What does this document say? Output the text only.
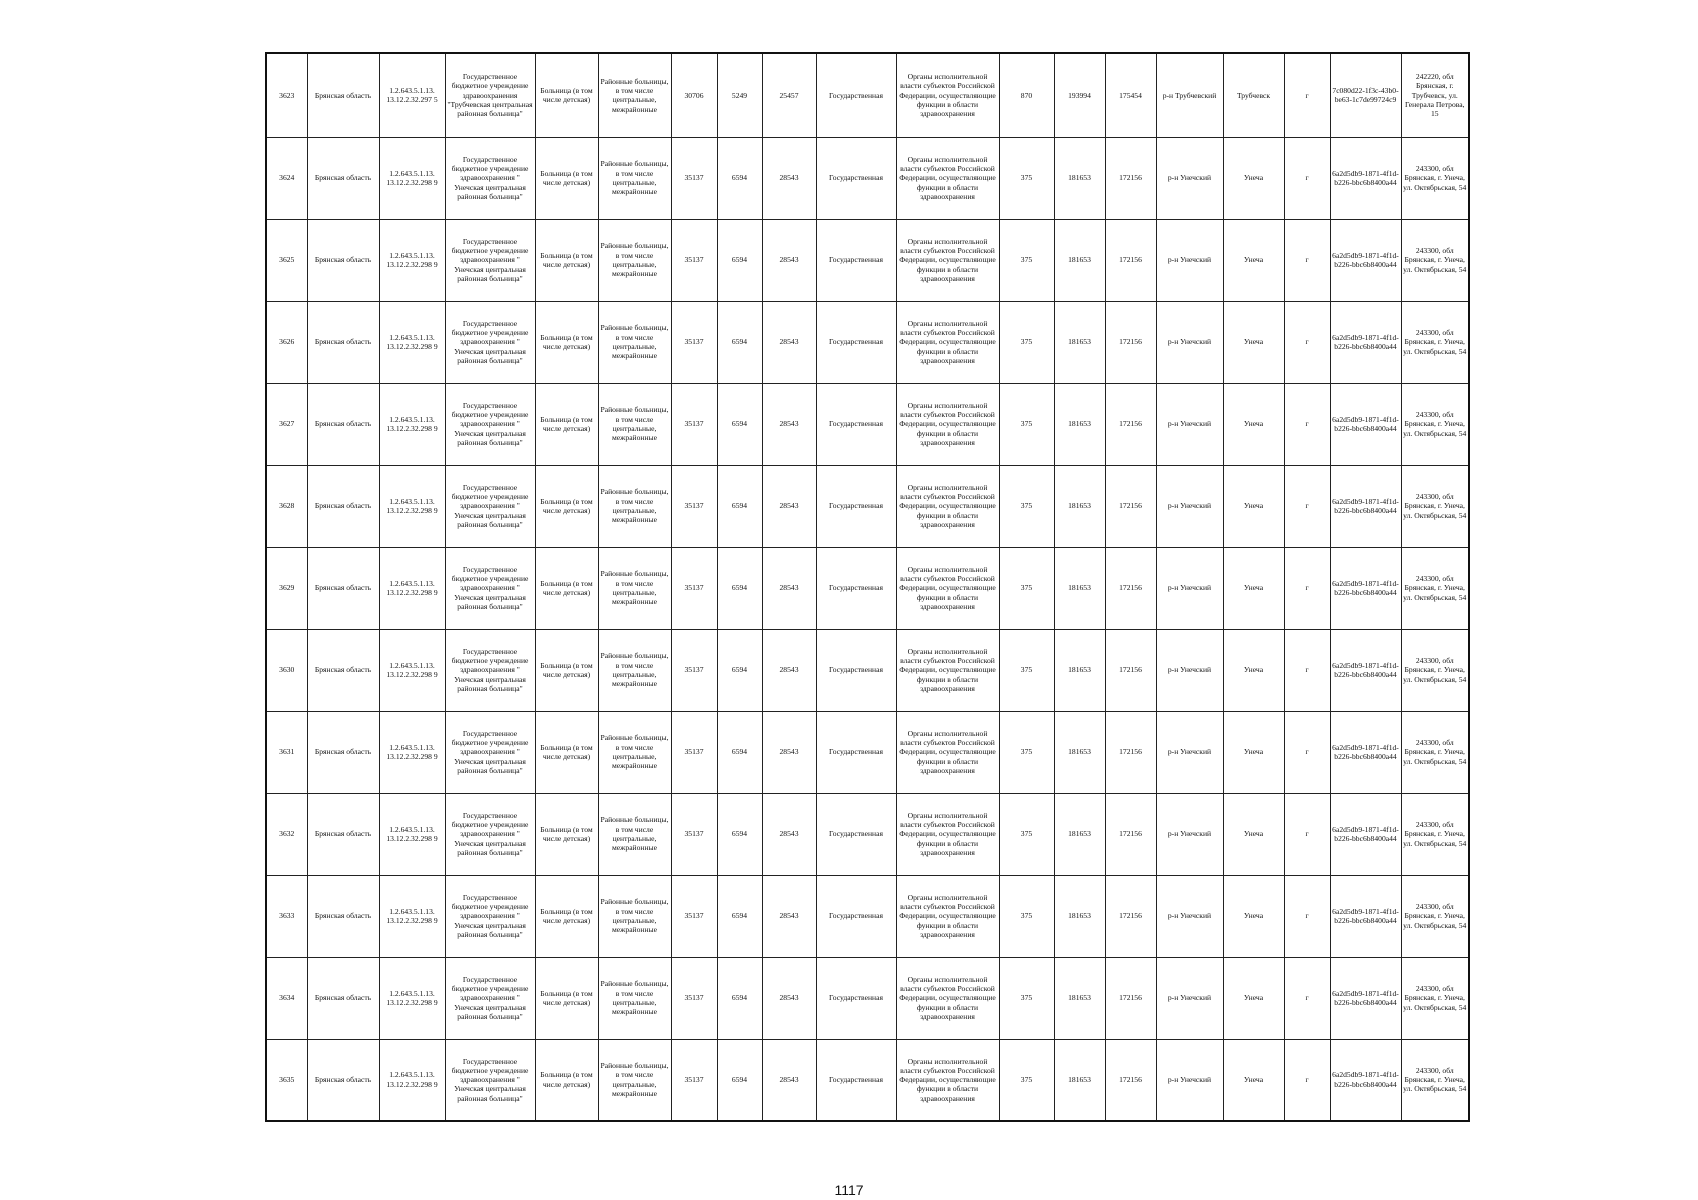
3623	Брянская область	1.2.643.5.1.13. 13.12.2.32.297 5	Государственное бюджетное учреждение здравоохранения "Трубчевская центральная районная больница"	Больница (в том числе детская)	Районные больницы, в том числе центральные, межрайонные	30706	5249	25457	Государственная	Органы исполнительной власти субъектов Российской Федерации, осуществляющие функции в области здравоохранения	870	193994	175454	р-н Трубчевский	Трубчевск	г	7c080d22-1f3c-43b0-be63-1c7de99724c9	242220, обл Брянская, г. Трубчевск, ул. Генерала Петрова, 15
3624	Брянская область	1.2.643.5.1.13. 13.12.2.32.298 9	Государственное бюджетное учреждение здравоохранения " Унечская центральная районная больница"	Больница (в том числе детская)	Районные больницы, в том числе центральные, межрайонные	35137	6594	28543	Государственная	Органы исполнительной власти субъектов Российской Федерации, осуществляющие функции в области здравоохранения	375	181653	172156	р-н Унечский	Унеча	г	6a2d5db9-1871-4f1d-b226-bbc6b8400a44	243300, обл Брянская, г. Унеча, ул. Октябрьская, 54
3625	Брянская область	1.2.643.5.1.13. 13.12.2.32.298 9	Государственное бюджетное учреждение здравоохранения " Унечская центральная районная больница"	Больница (в том числе детская)	Районные больницы, в том числе центральные, межрайонные	35137	6594	28543	Государственная	Органы исполнительной власти субъектов Российской Федерации, осуществляющие функции в области здравоохранения	375	181653	172156	р-н Унечский	Унеча	г	6a2d5db9-1871-4f1d-b226-bbc6b8400a44	243300, обл Брянская, г. Унеча, ул. Октябрьская, 54
3626	Брянская область	1.2.643.5.1.13. 13.12.2.32.298 9	Государственное бюджетное учреждение здравоохранения " Унечская центральная районная больница"	Больница (в том числе детская)	Районные больницы, в том числе центральные, межрайонные	35137	6594	28543	Государственная	Органы исполнительной власти субъектов Российской Федерации, осуществляющие функции в области здравоохранения	375	181653	172156	р-н Унечский	Унеча	г	6a2d5db9-1871-4f1d-b226-bbc6b8400a44	243300, обл Брянская, г. Унеча, ул. Октябрьская, 54
3627	Брянская область	1.2.643.5.1.13. 13.12.2.32.298 9	Государственное бюджетное учреждение здравоохранения " Унечская центральная районная больница"	Больница (в том числе детская)	Районные больницы, в том числе центральные, межрайонные	35137	6594	28543	Государственная	Органы исполнительной власти субъектов Российской Федерации, осуществляющие функции в области здравоохранения	375	181653	172156	р-н Унечский	Унеча	г	6a2d5db9-1871-4f1d-b226-bbc6b8400a44	243300, обл Брянская, г. Унеча, ул. Октябрьская, 54
3628	Брянская область	1.2.643.5.1.13. 13.12.2.32.298 9	Государственное бюджетное учреждение здравоохранения " Унечская центральная районная больница"	Больница (в том числе детская)	Районные больницы, в том числе центральные, межрайонные	35137	6594	28543	Государственная	Органы исполнительной власти субъектов Российской Федерации, осуществляющие функции в области здравоохранения	375	181653	172156	р-н Унечский	Унеча	г	6a2d5db9-1871-4f1d-b226-bbc6b8400a44	243300, обл Брянская, г. Унеча, ул. Октябрьская, 54
3629	Брянская область	1.2.643.5.1.13. 13.12.2.32.298 9	Государственное бюджетное учреждение здравоохранения " Унечская центральная районная больница"	Больница (в том числе детская)	Районные больницы, в том числе центральные, межрайонные	35137	6594	28543	Государственная	Органы исполнительной власти субъектов Российской Федерации, осуществляющие функции в области здравоохранения	375	181653	172156	р-н Унечский	Унеча	г	6a2d5db9-1871-4f1d-b226-bbc6b8400a44	243300, обл Брянская, г. Унеча, ул. Октябрьская, 54
3630	Брянская область	1.2.643.5.1.13. 13.12.2.32.298 9	Государственное бюджетное учреждение здравоохранения " Унечская центральная районная больница"	Больница (в том числе детская)	Районные больницы, в том числе центральные, межрайонные	35137	6594	28543	Государственная	Органы исполнительной власти субъектов Российской Федерации, осуществляющие функции в области здравоохранения	375	181653	172156	р-н Унечский	Унеча	г	6a2d5db9-1871-4f1d-b226-bbc6b8400a44	243300, обл Брянская, г. Унеча, ул. Октябрьская, 54
3631	Брянская область	1.2.643.5.1.13. 13.12.2.32.298 9	Государственное бюджетное учреждение здравоохранения " Унечская центральная районная больница"	Больница (в том числе детская)	Районные больницы, в том числе центральные, межрайонные	35137	6594	28543	Государственная	Органы исполнительной власти субъектов Российской Федерации, осуществляющие функции в области здравоохранения	375	181653	172156	р-н Унечский	Унеча	г	6a2d5db9-1871-4f1d-b226-bbc6b8400a44	243300, обл Брянская, г. Унеча, ул. Октябрьская, 54
3632	Брянская область	1.2.643.5.1.13. 13.12.2.32.298 9	Государственное бюджетное учреждение здравоохранения " Унечская центральная районная больница"	Больница (в том числе детская)	Районные больницы, в том числе центральные, межрайонные	35137	6594	28543	Государственная	Органы исполнительной власти субъектов Российской Федерации, осуществляющие функции в области здравоохранения	375	181653	172156	р-н Унечский	Унеча	г	6a2d5db9-1871-4f1d-b226-bbc6b8400a44	243300, обл Брянская, г. Унеча, ул. Октябрьская, 54
3633	Брянская область	1.2.643.5.1.13. 13.12.2.32.298 9	Государственное бюджетное учреждение здравоохранения " Унечская центральная районная больница"	Больница (в том числе детская)	Районные больницы, в том числе центральные, межрайонные	35137	6594	28543	Государственная	Органы исполнительной власти субъектов Российской Федерации, осуществляющие функции в области здравоохранения	375	181653	172156	р-н Унечский	Унеча	г	6a2d5db9-1871-4f1d-b226-bbc6b8400a44	243300, обл Брянская, г. Унеча, ул. Октябрьская, 54
3634	Брянская область	1.2.643.5.1.13. 13.12.2.32.298 9	Государственное бюджетное учреждение здравоохранения " Унечская центральная районная больница"	Больница (в том числе детская)	Районные больницы, в том числе центральные, межрайонные	35137	6594	28543	Государственная	Органы исполнительной власти субъектов Российской Федерации, осуществляющие функции в области здравоохранения	375	181653	172156	р-н Унечский	Унеча	г	6a2d5db9-1871-4f1d-b226-bbc6b8400a44	243300, обл Брянская, г. Унеча, ул. Октябрьская, 54
3635	Брянская область	1.2.643.5.1.13. 13.12.2.32.298 9	Государственное бюджетное учреждение здравоохранения " Унечская центральная районная больница"	Больница (в том числе детская)	Районные больницы, в том числе центральные, межрайонные	35137	6594	28543	Государственная	Органы исполнительной власти субъектов Российской Федерации, осуществляющие функции в области здравоохранения	375	181653	172156	р-н Унечский	Унеча	г	6a2d5db9-1871-4f1d-b226-bbc6b8400a44	243300, обл Брянская, г. Унеча, ул. Октябрьская, 54
1117
